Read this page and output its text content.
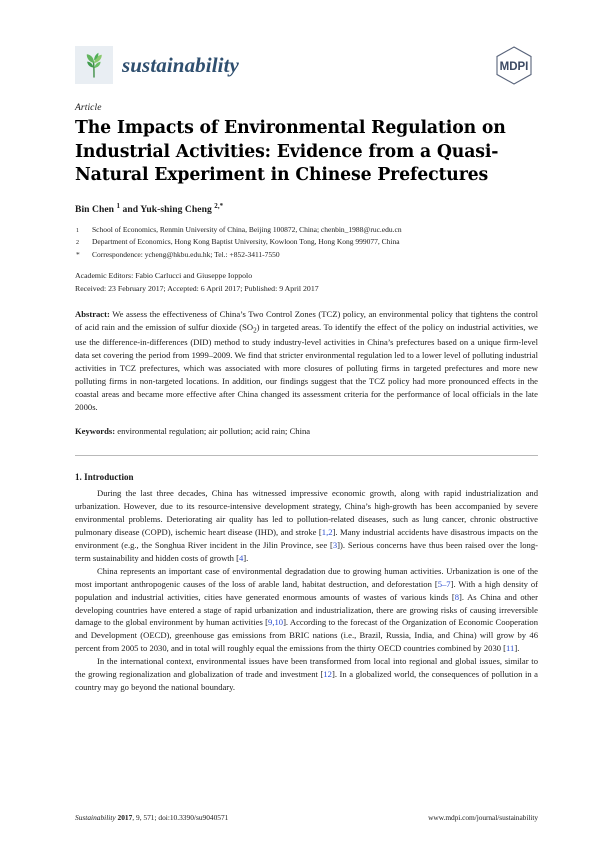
sustainability	MDPI
Article
The Impacts of Environmental Regulation on Industrial Activities: Evidence from a Quasi-Natural Experiment in Chinese Prefectures
Bin Chen $^1$ and Yuk-shing Cheng $^{2,*}$
1	School of Economics, Renmin University of China, Beijing 100872, China; chenbin_1988@ruc.edu.cn
2	Department of Economics, Hong Kong Baptist University, Kowloon Tong, Hong Kong 999077, China
*	Correspondence: ycheng@hkbu.edu.hk; Tel.: +852-3411-7550
Academic Editors: Fabio Carlucci and Giuseppe Ioppolo
Received: 23 February 2017; Accepted: 6 April 2017; Published: 9 April 2017
Abstract: We assess the effectiveness of China’s Two Control Zones (TCZ) policy, an environmental policy that tightens the control of acid rain and the emission of sulfur dioxide $(SO_2)$ in targeted areas. To identify the effect of the policy on industrial activities, we use the difference-in-differences (DID) method to study industry-level activities in China’s prefectures based on a unique firm-level data set covering the period from 1999–2009. We find that stricter environmental regulation led to a lower level of polluting industrial activities in TCZ prefectures, which was associated with more closures of polluting firms in targeted prefectures and more new polluting firms in non-targeted locations. In addition, our findings suggest that the TCZ policy had more pronounced effects in the coastal areas and became more effective after China changed its assessment criteria for the performance of local officials in the late 2000s.
Keywords: environmental regulation; air pollution; acid rain; China
1. Introduction

During the last three decades, China has witnessed impressive economic growth, along with rapid industrialization and urbanization. However, due to its resource-intensive development strategy, China’s high-growth has been accompanied by severe environmental problems. Deteriorating air quality has led to pollution-related diseases, such as lung cancer, chronic obstructive pulmonary disease (COPD), ischemic heart disease (IHD), and stroke [1,2]. Many industrial accidents have disastrous impacts on the environment (e.g., the Songhua River incident in the Jilin Province, see [3]). Serious concerns have thus been raised over the long-term sustainability and hidden costs of growth [4].

China represents an important case of environmental degradation due to growing human activities. Urbanization is one of the most important anthropogenic causes of the loss of arable land, habitat destruction, and deforestation [5–7]. With a high density of population and industrial activities, cities have generated enormous amounts of wastes of various kinds [8]. As China and other developing countries have entered a stage of rapid urbanization and industrialization, there are growing risks of causing irreversible damage to the global environment by human activities [9,10]. According to the forecast of the Organization of Economic Cooperation and Development (OECD), greenhouse gas emissions from BRIC nations (i.e., Brazil, Russia, India, and China) will grow by 46 percent from 2005 to 2030, and in total will roughly equal the emissions from the thirty OECD countries combined by 2030 [11].

In the international context, environmental issues have been transformed from local into regional and global issues, similar to the growing regionalization and globalization of trade and investment [12]. In a globalized world, the consequences of pollution in a country may go beyond the national boundary.

Sustainability 2017, 9, 571; doi:10.3390/su9040571	www.mdpi.com/journal/sustainability
